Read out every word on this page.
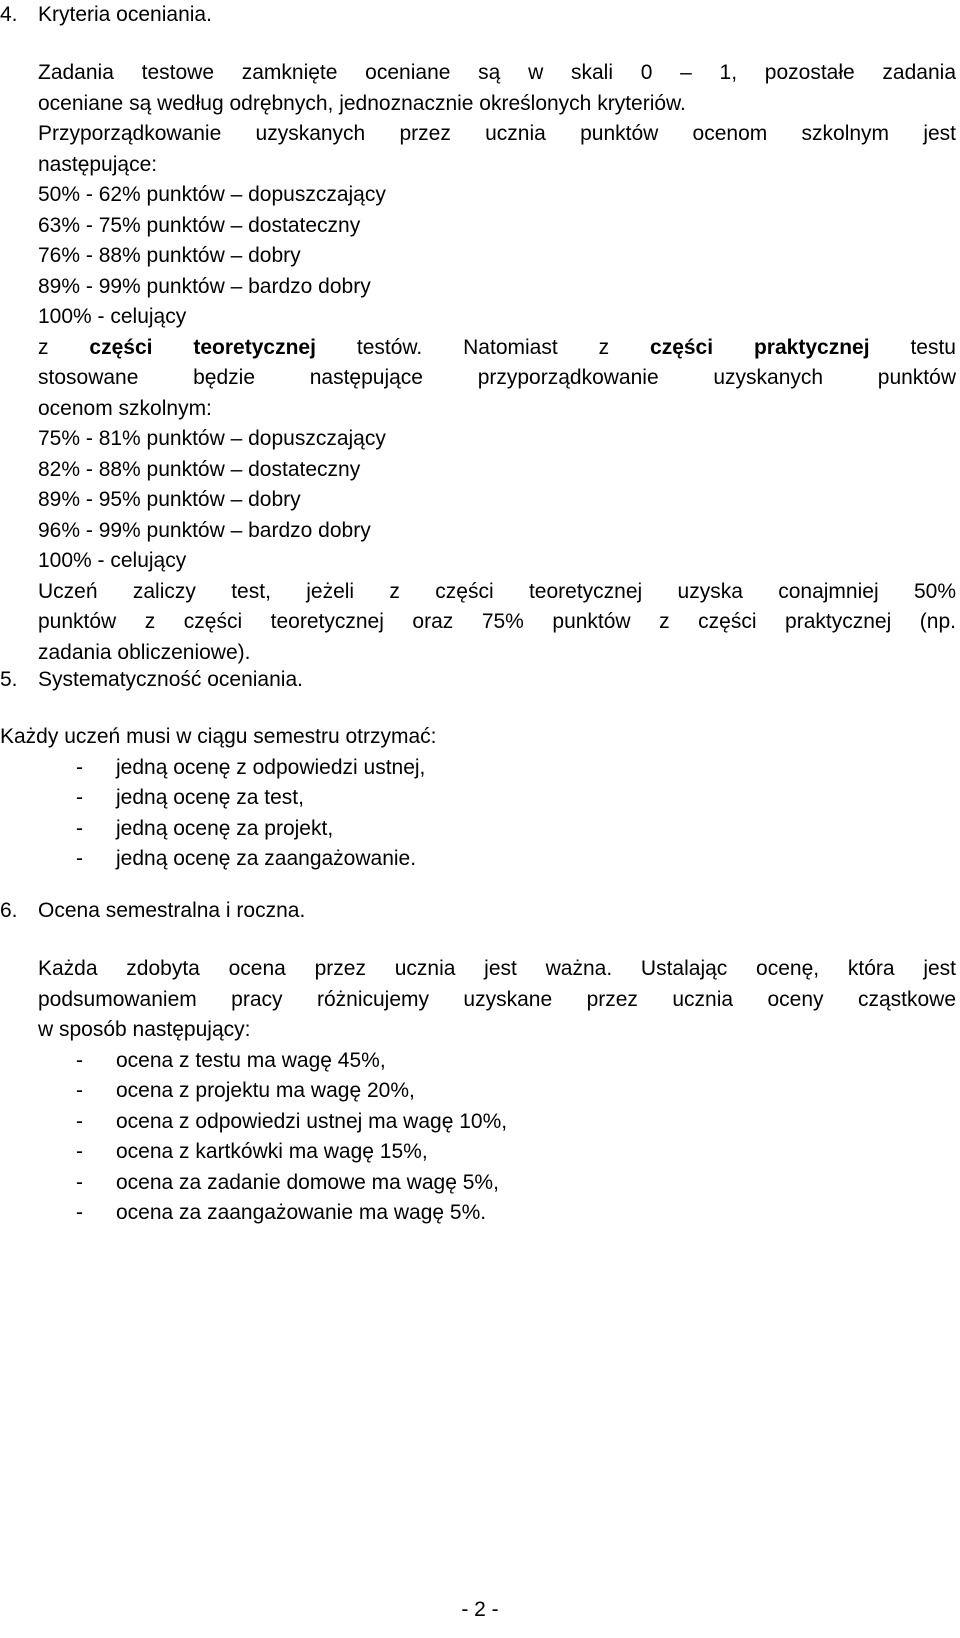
4. Kryteria oceniania.
Zadania testowe zamknięte oceniane są w skali 0 – 1, pozostałe zadania
oceniane są według odrębnych, jednoznacznie określonych kryteriów.
Przyporządkowanie uzyskanych przez ucznia punktów ocenom szkolnym jest
następujące:
50% - 62% punktów – dopuszczający
63% - 75% punktów – dostateczny
76% - 88% punktów – dobry
89% - 99% punktów – bardzo dobry
100% - celujący
z części teoretycznej testów. Natomiast z części praktycznej testu
stosowane będzie następujące przyporządkowanie uzyskanych punktów
ocenom szkolnym:
75% - 81% punktów – dopuszczający
82% - 88% punktów – dostateczny
89% - 95% punktów – dobry
96% - 99% punktów – bardzo dobry
100% - celujący
Uczeń zaliczy test, jeżeli z części teoretycznej uzyska conajmniej 50%
punktów z części teoretycznej oraz 75% punktów z części praktycznej (np.
zadania obliczeniowe).
5. Systematyczność oceniania.
Każdy uczeń musi w ciągu semestru otrzymać:
- jedną ocenę z odpowiedzi ustnej,
- jedną ocenę za test,
- jedną ocenę za projekt,
- jedną ocenę za zaangażowanie.
6. Ocena semestralna i roczna.
Każda zdobyta ocena przez ucznia jest ważna. Ustalając ocenę, która jest
podsumowaniem pracy różnicujemy uzyskane przez ucznia oceny cząstkowe
w sposób następujący:
- ocena z testu ma wagę 45%,
- ocena z projektu ma wagę 20%,
- ocena z odpowiedzi ustnej ma wagę 10%,
- ocena z kartkówki ma wagę 15%,
- ocena za zadanie domowe ma wagę 5%,
- ocena za zaangażowanie ma wagę 5%.
- 2 -
